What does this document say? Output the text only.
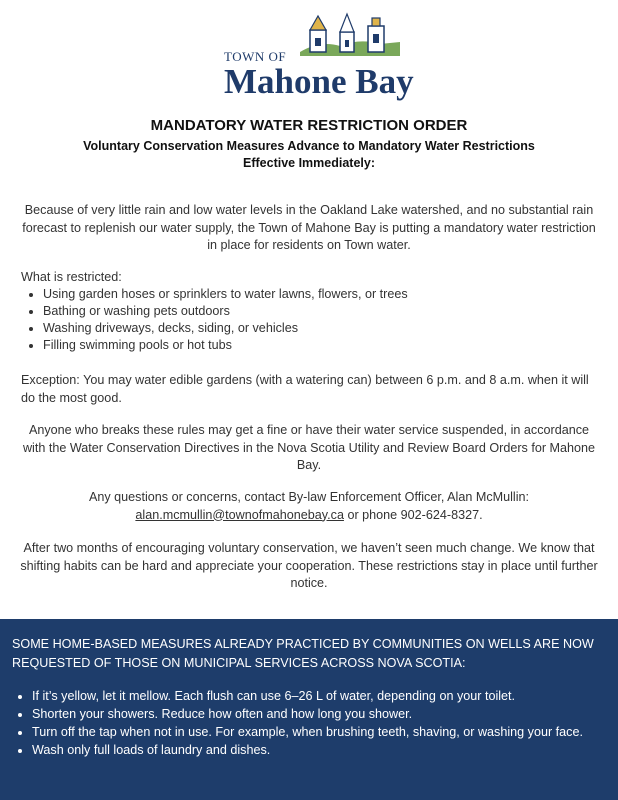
TOWN OF
Mahone Bay
MANDATORY WATER RESTRICTION ORDER
Voluntary Conservation Measures Advance to Mandatory Water Restrictions
Effective Immediately:
Because of very little rain and low water levels in the Oakland Lake watershed, and no substantial rain forecast to replenish our water supply, the Town of Mahone Bay is putting a mandatory water restriction in place for residents on Town water.
What is restricted:
• Using garden hoses or sprinklers to water lawns, flowers, or trees
• Bathing or washing pets outdoors
• Washing driveways, decks, siding, or vehicles
• Filling swimming pools or hot tubs
Exception: You may water edible gardens (with a watering can) between 6 p.m. and 8 a.m. when it will do the most good.
Anyone who breaks these rules may get a fine or have their water service suspended, in accordance with the Water Conservation Directives in the Nova Scotia Utility and Review Board Orders for Mahone Bay.
Any questions or concerns, contact By-law Enforcement Officer, Alan McMullin:
alan.mcmullin@townofmahonebay.ca or phone 902-624-8327.
After two months of encouraging voluntary conservation, we haven’t seen much change. We know that shifting habits can be hard and appreciate your cooperation. These restrictions stay in place until further notice.
SOME HOME-BASED MEASURES ALREADY PRACTICED BY COMMUNITIES ON WELLS ARE NOW REQUESTED OF THOSE ON MUNICIPAL SERVICES ACROSS NOVA SCOTIA:
• If it’s yellow, let it mellow. Each flush can use 6–26 L of water, depending on your toilet.
• Shorten your showers. Reduce how often and how long you shower.
• Turn off the tap when not in use. For example, when brushing teeth, shaving, or washing your face.
• Wash only full loads of laundry and dishes.
